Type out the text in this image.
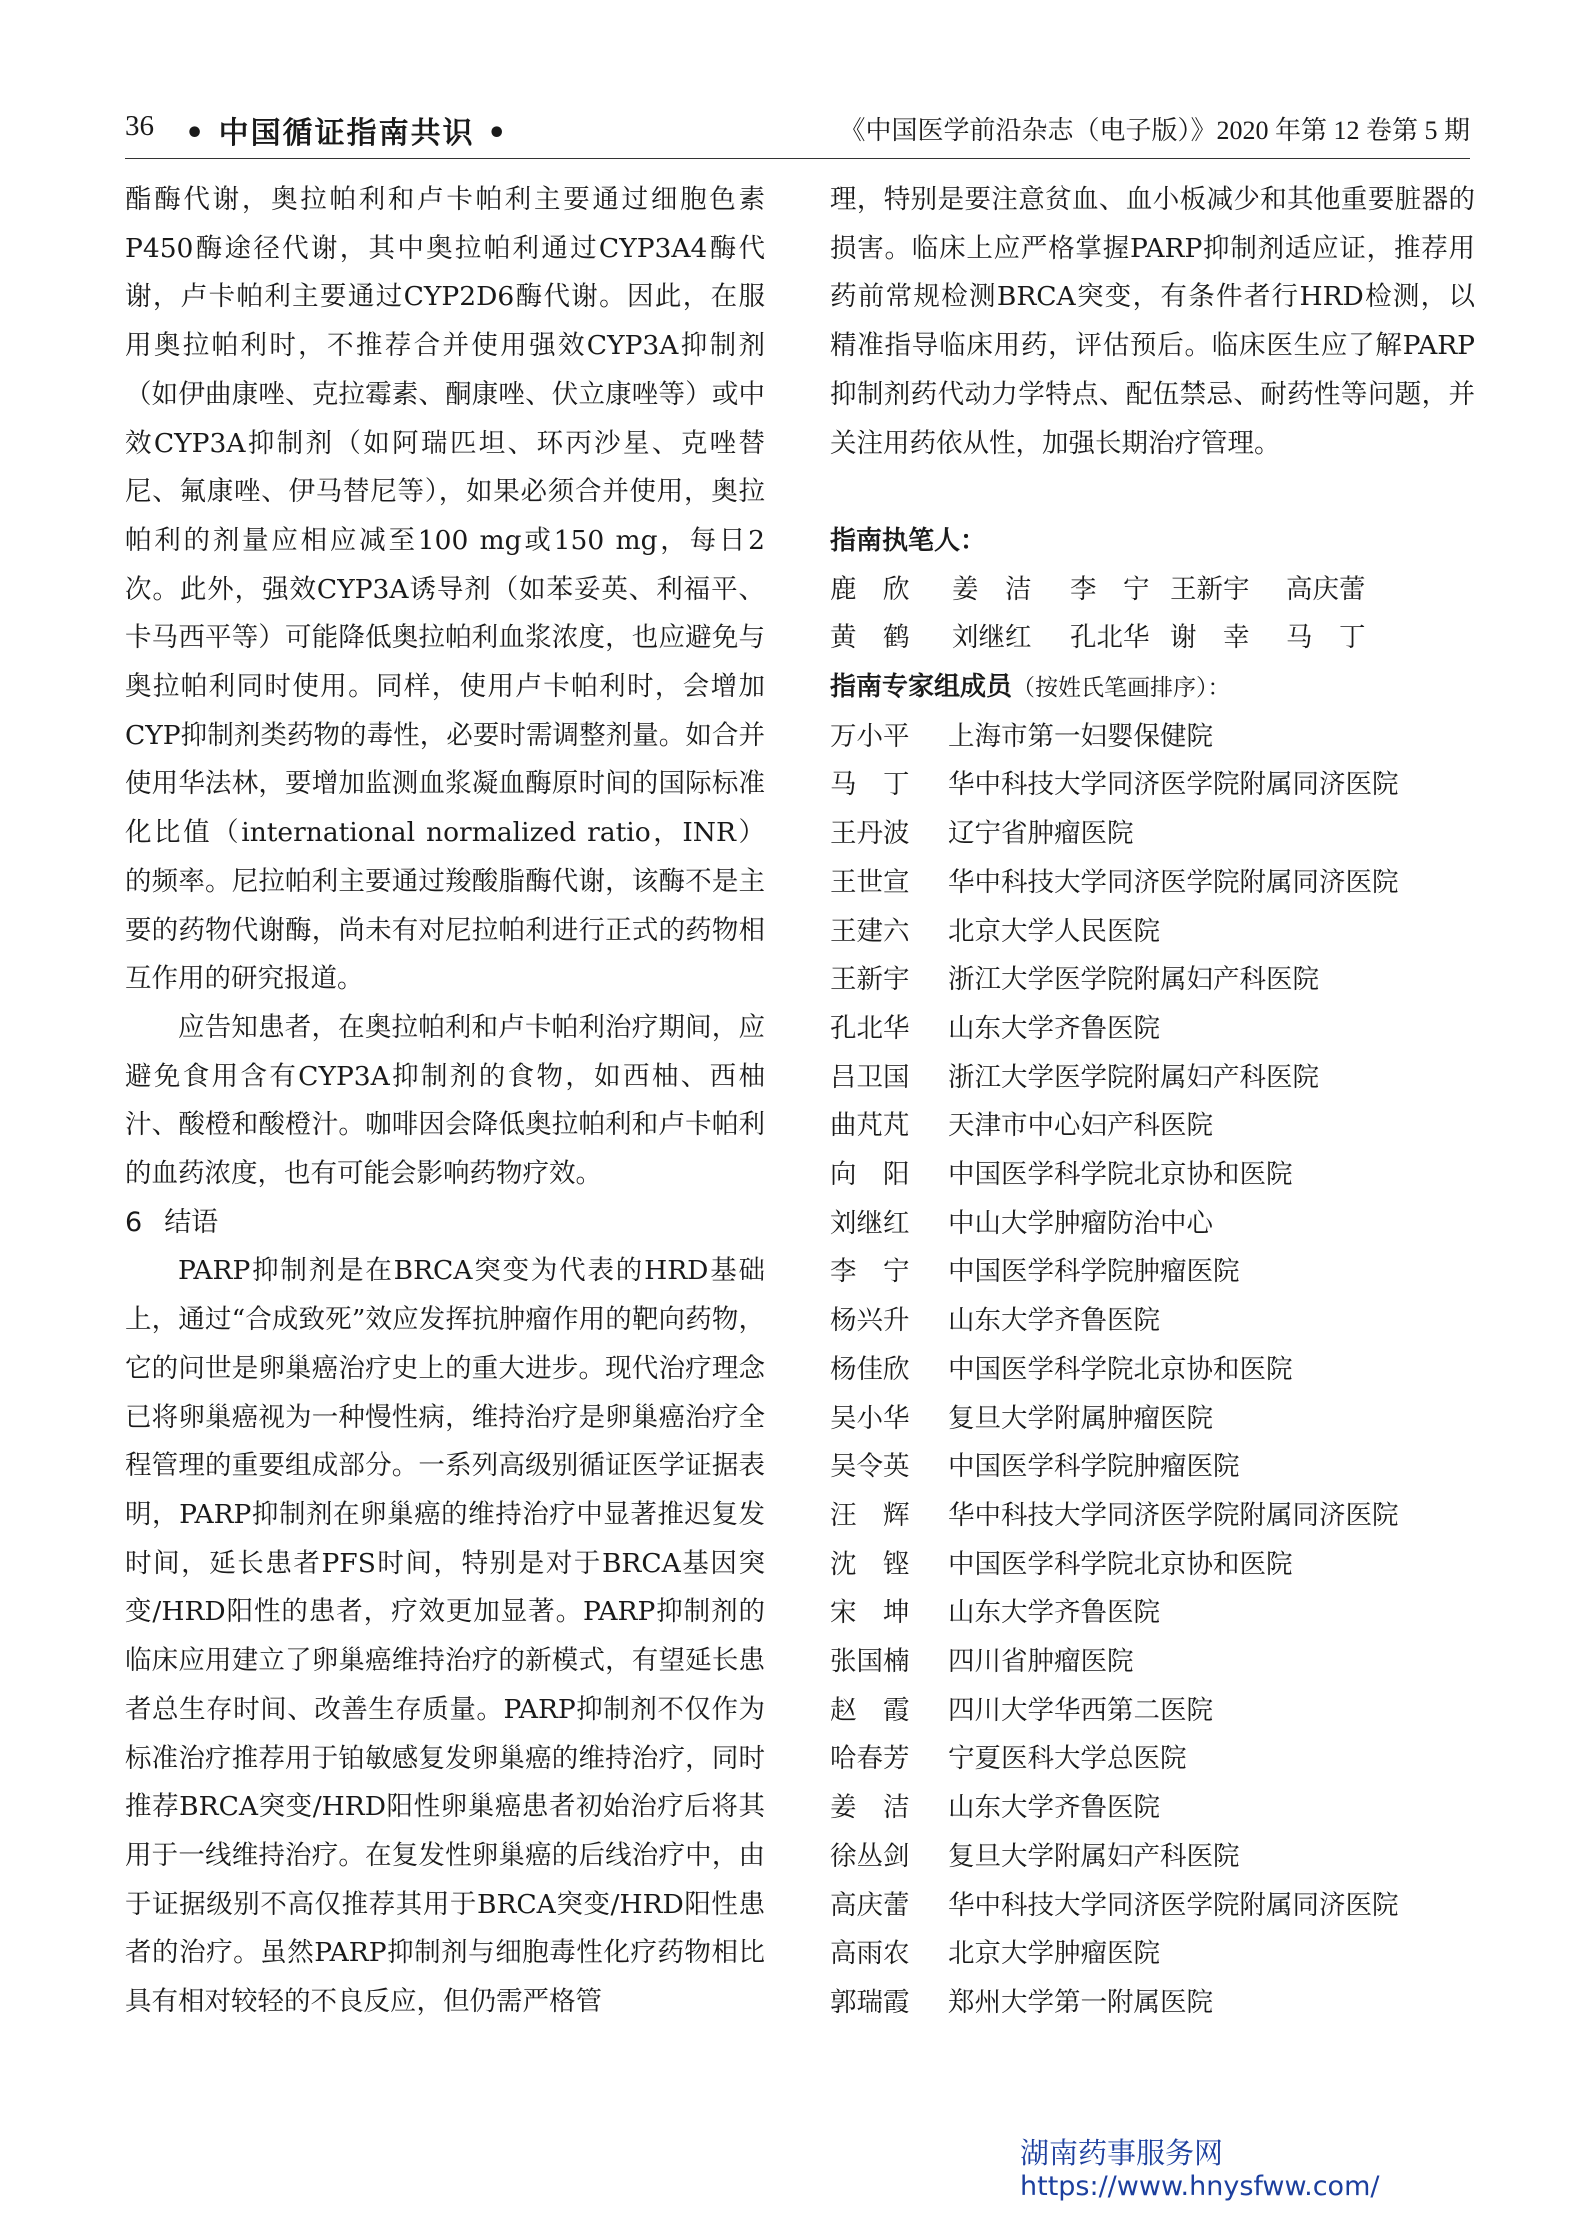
36 • 中国循证指南共识 •	《中国医学前沿杂志（电子版）》2020 年第 12 卷第 5 期

酯酶代谢，奥拉帕利和卢卡帕利主要通过细胞色素P450酶途径代谢，其中奥拉帕利通过CYP3A4酶代谢，卢卡帕利主要通过CYP2D6酶代谢。因此，在服用奥拉帕利时，不推荐合并使用强效CYP3A抑制剂（如伊曲康唑、克拉霉素、酮康唑、伏立康唑等）或中效CYP3A抑制剂（如阿瑞匹坦、环丙沙星、克唑替尼、氟康唑、伊马替尼等），如果必须合并使用，奥拉帕利的剂量应相应减至100 mg或150 mg，每日2次。此外，强效CYP3A诱导剂（如苯妥英、利福平、卡马西平等）可能降低奥拉帕利血浆浓度，也应避免与奥拉帕利同时使用。同样，使用卢卡帕利时，会增加CYP抑制剂类药物的毒性，必要时需调整剂量。如合并使用华法林，要增加监测血浆凝血酶原时间的国际标准化比值（international normalized ratio，INR）的频率。尼拉帕利主要通过羧酸脂酶代谢，该酶不是主要的药物代谢酶，尚未有对尼拉帕利进行正式的药物相互作用的研究报道。

应告知患者，在奥拉帕利和卢卡帕利治疗期间，应避免食用含有CYP3A抑制剂的食物，如西柚、西柚汁、酸橙和酸橙汁。咖啡因会降低奥拉帕利和卢卡帕利的血药浓度，也有可能会影响药物疗效。

6 结语

PARP抑制剂是在BRCA突变为代表的HRD基础上，通过“合成致死”效应发挥抗肿瘤作用的靶向药物，它的问世是卵巢癌治疗史上的重大进步。现代治疗理念已将卵巢癌视为一种慢性病，维持治疗是卵巢癌治疗全程管理的重要组成部分。一系列高级别循证医学证据表明，PARP抑制剂在卵巢癌的维持治疗中显著推迟复发时间，延长患者PFS时间，特别是对于BRCA基因突变/HRD阳性的患者，疗效更加显著。PARP抑制剂的临床应用建立了卵巢癌维持治疗的新模式，有望延长患者总生存时间、改善生存质量。PARP抑制剂不仅作为标准治疗推荐用于铂敏感复发卵巢癌的维持治疗，同时推荐BRCA突变/HRD阳性卵巢癌患者初始治疗后将其用于一线维持治疗。在复发性卵巢癌的后线治疗中，由于证据级别不高仅推荐其用于BRCA突变/HRD阳性患者的治疗。虽然PARP抑制剂与细胞毒性化疗药物相比具有相对较轻的不良反应，但仍需严格管

理，特别是要注意贫血、血小板减少和其他重要脏器的损害。临床上应严格掌握PARP抑制剂适应证，推荐用药前常规检测BRCA突变，有条件者行HRD检测，以精准指导临床用药，评估预后。临床医生应了解PARP抑制剂药代动力学特点、配伍禁忌、耐药性等问题，并关注用药依从性，加强长期治疗管理。

指南执笔人：

鹿　欣 姜　洁 李　宁 王新宇 高庆蕾

黄　鹤 刘继红 孔北华 谢　幸 马　丁

指南专家组成员（按姓氏笔画排序）：

万小平 上海市第一妇婴保健院
马　丁 华中科技大学同济医学院附属同济医院
王丹波 辽宁省肿瘤医院
王世宣 华中科技大学同济医学院附属同济医院
王建六 北京大学人民医院
王新宇 浙江大学医学院附属妇产科医院
孔北华 山东大学齐鲁医院
吕卫国 浙江大学医学院附属妇产科医院
曲芃芃 天津市中心妇产科医院
向　阳 中国医学科学院北京协和医院
刘继红 中山大学肿瘤防治中心
李　宁 中国医学科学院肿瘤医院
杨兴升 山东大学齐鲁医院
杨佳欣 中国医学科学院北京协和医院
吴小华 复旦大学附属肿瘤医院
吴令英 中国医学科学院肿瘤医院
汪　辉 华中科技大学同济医学院附属同济医院
沈　铿 中国医学科学院北京协和医院
宋　坤 山东大学齐鲁医院
张国楠 四川省肿瘤医院
赵　霞 四川大学华西第二医院
哈春芳 宁夏医科大学总医院
姜　洁 山东大学齐鲁医院
徐丛剑 复旦大学附属妇产科医院
高庆蕾 华中科技大学同济医学院附属同济医院
高雨农 北京大学肿瘤医院
郭瑞霞 郑州大学第一附属医院
湖南药事服务网
https://www.hnysfww.com/
